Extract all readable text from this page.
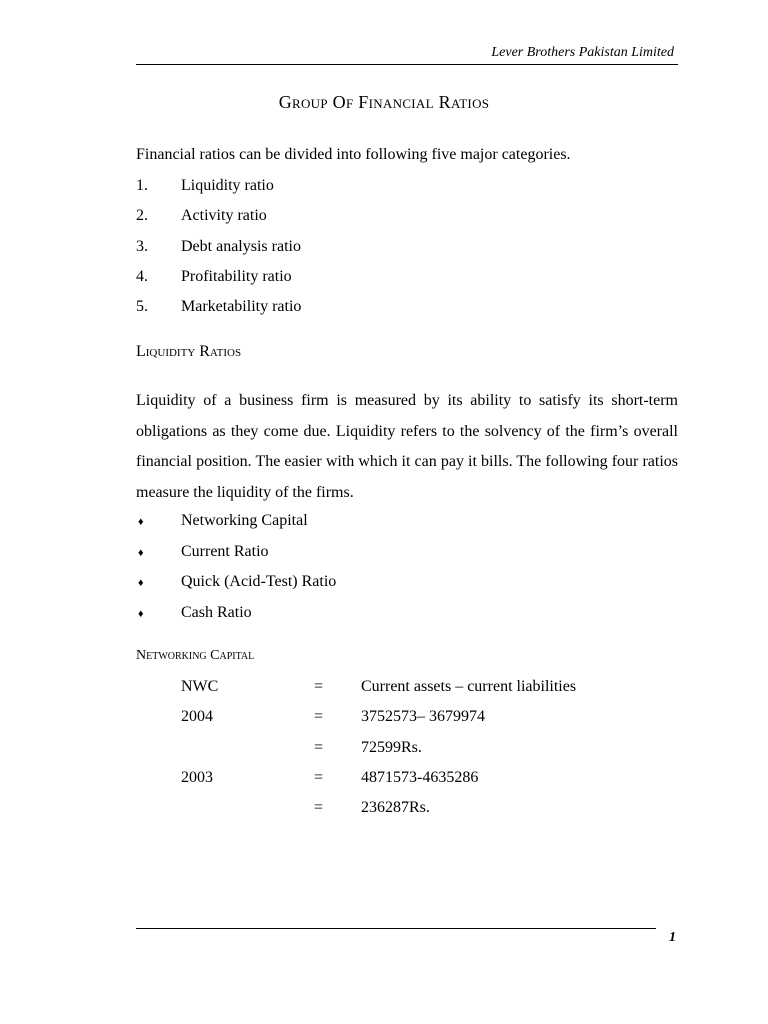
Lever Brothers Pakistan Limited
Group Of Financial Ratios
Financial ratios can be divided into following five major categories.
1. Liquidity ratio
2. Activity ratio
3. Debt analysis ratio
4. Profitability ratio
5. Marketability ratio
Liquidity Ratios
Liquidity of a business firm is measured by its ability to satisfy its short-term obligations as they come due. Liquidity refers to the solvency of the firm’s overall financial position. The easier with which it can pay it bills. The following four ratios measure the liquidity of the firms.
♦ Networking Capital
♦ Current Ratio
♦ Quick (Acid-Test) Ratio
♦ Cash Ratio
Networking Capital
NWC	= Current assets – current liabilities
2004	= 3752573– 3679974
= 72599Rs.
2003	= 4871573-4635286
= 236287Rs.
1
